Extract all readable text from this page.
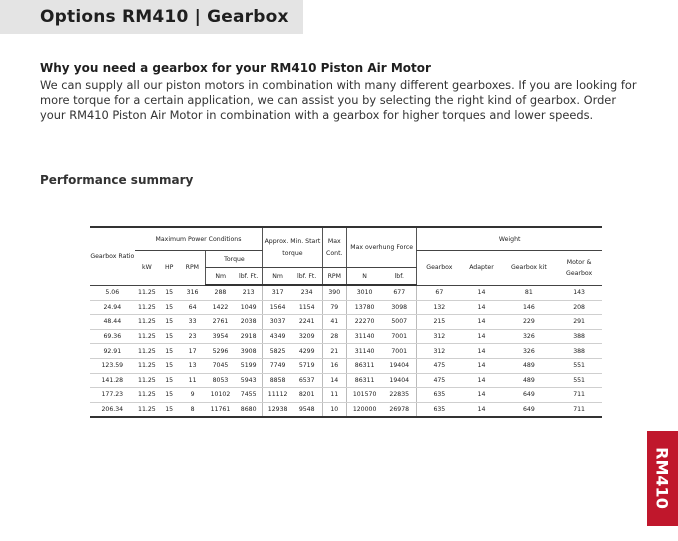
Options RM410 | Gearbox
Why you need a gearbox for your RM410 Piston Air Motor
We can supply all our piston motors in combination with many different gearboxes. If you are looking for more torque for a certain application, we can assist you by selecting the right kind of gearbox. Order your RM410 Piston Air Motor in combination with a gearbox for higher torques and lower speeds.
Performance summary
Gearbox Ratio	Maximum Power Conditions					Approx. Min. Start torque		Max Cont.	Max overhung Force		Weight			
	kW	HP	RPM	Torque							Gearbox	Adapter	Gearbox kit	Motor & Gearbox
				Nm	lbf. Ft.	Nm	lbf. Ft.	RPM	N	lbf.				
5.06	11.25	15	316	288	213	317	234	390	3010	677	67	14	81	143
24.94	11.25	15	64	1422	1049	1564	1154	79	13780	3098	132	14	146	208
48.44	11.25	15	33	2761	2038	3037	2241	41	22270	5007	215	14	229	291
69.36	11.25	15	23	3954	2918	4349	3209	28	31140	7001	312	14	326	388
92.91	11.25	15	17	5296	3908	5825	4299	21	31140	7001	312	14	326	388
123.59	11.25	15	13	7045	5199	7749	5719	16	86311	19404	475	14	489	551
141.28	11.25	15	11	8053	5943	8858	6537	14	86311	19404	475	14	489	551
177.23	11.25	15	9	10102	7455	11112	8201	11	101570	22835	635	14	649	711
206.34	11.25	15	8	11761	8680	12938	9548	10	120000	26978	635	14	649	711
RM410
